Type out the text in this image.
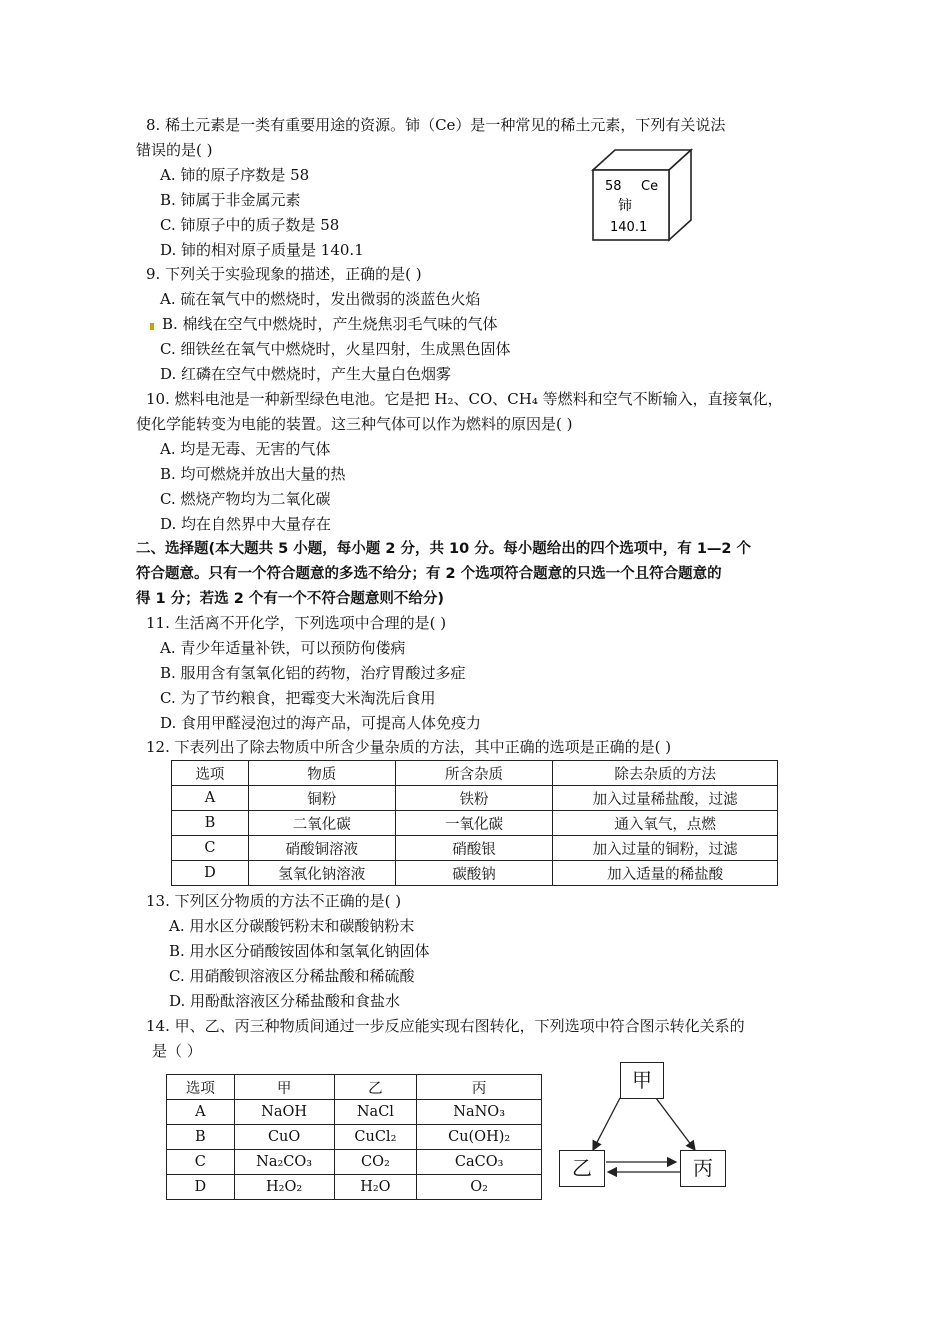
8. 稀土元素是一类有重要用途的资源。铈（Ce）是一种常见的稀土元素，下列有关说法
错误的是( )
A. 铈的原子序数是 58
B. 铈属于非金属元素
C. 铈原子中的质子数是 58
D. 铈的相对原子质量是 140.1
58 Ce
铈
140.1
9. 下列关于实验现象的描述，正确的是( )
A. 硫在氧气中的燃烧时，发出微弱的淡蓝色火焰
B. 棉线在空气中燃烧时，产生烧焦羽毛气味的气体
C. 细铁丝在氧气中燃烧时，火星四射，生成黑色固体
D. 红磷在空气中燃烧时，产生大量白色烟雾
10. 燃料电池是一种新型绿色电池。它是把 H₂、CO、CH₄ 等燃料和空气不断输入，直接氧化，
使化学能转变为电能的装置。这三种气体可以作为燃料的原因是( )
A. 均是无毒、无害的气体
B. 均可燃烧并放出大量的热
C. 燃烧产物均为二氧化碳
D. 均在自然界中大量存在
二、选择题(本大题共 5 小题，每小题 2 分，共 10 分。每小题给出的四个选项中，有 1—2 个
符合题意。只有一个符合题意的多选不给分；有 2 个选项符合题意的只选一个且符合题意的
得 1 分；若选 2 个有一个不符合题意则不给分)
11. 生活离不开化学，下列选项中合理的是( )
A. 青少年适量补铁，可以预防佝偻病
B. 服用含有氢氧化铝的药物，治疗胃酸过多症
C. 为了节约粮食，把霉变大米淘洗后食用
D. 食用甲醛浸泡过的海产品，可提高人体免疫力
12. 下表列出了除去物质中所含少量杂质的方法，其中正确的选项是正确的是( )
选项	物质	所含杂质	除去杂质的方法
A	铜粉	铁粉	加入过量稀盐酸，过滤
B	二氧化碳	一氧化碳	通入氧气，点燃
C	硝酸铜溶液	硝酸银	加入过量的铜粉，过滤
D	氢氧化钠溶液	碳酸钠	加入适量的稀盐酸
13. 下列区分物质的方法不正确的是( )
A. 用水区分碳酸钙粉末和碳酸钠粉末
B. 用水区分硝酸铵固体和氢氧化钠固体
C. 用硝酸钡溶液区分稀盐酸和稀硫酸
D. 用酚酞溶液区分稀盐酸和食盐水
14. 甲、乙、丙三种物质间通过一步反应能实现右图转化，下列选项中符合图示转化关系的
是（ ）
选项	甲	乙	丙
A	NaOH	NaCl	NaNO₃
B	CuO	CuCl₂	Cu(OH)₂
C	Na₂CO₃	CO₂	CaCO₃
D	H₂O₂	H₂O	O₂
甲
乙	丙
